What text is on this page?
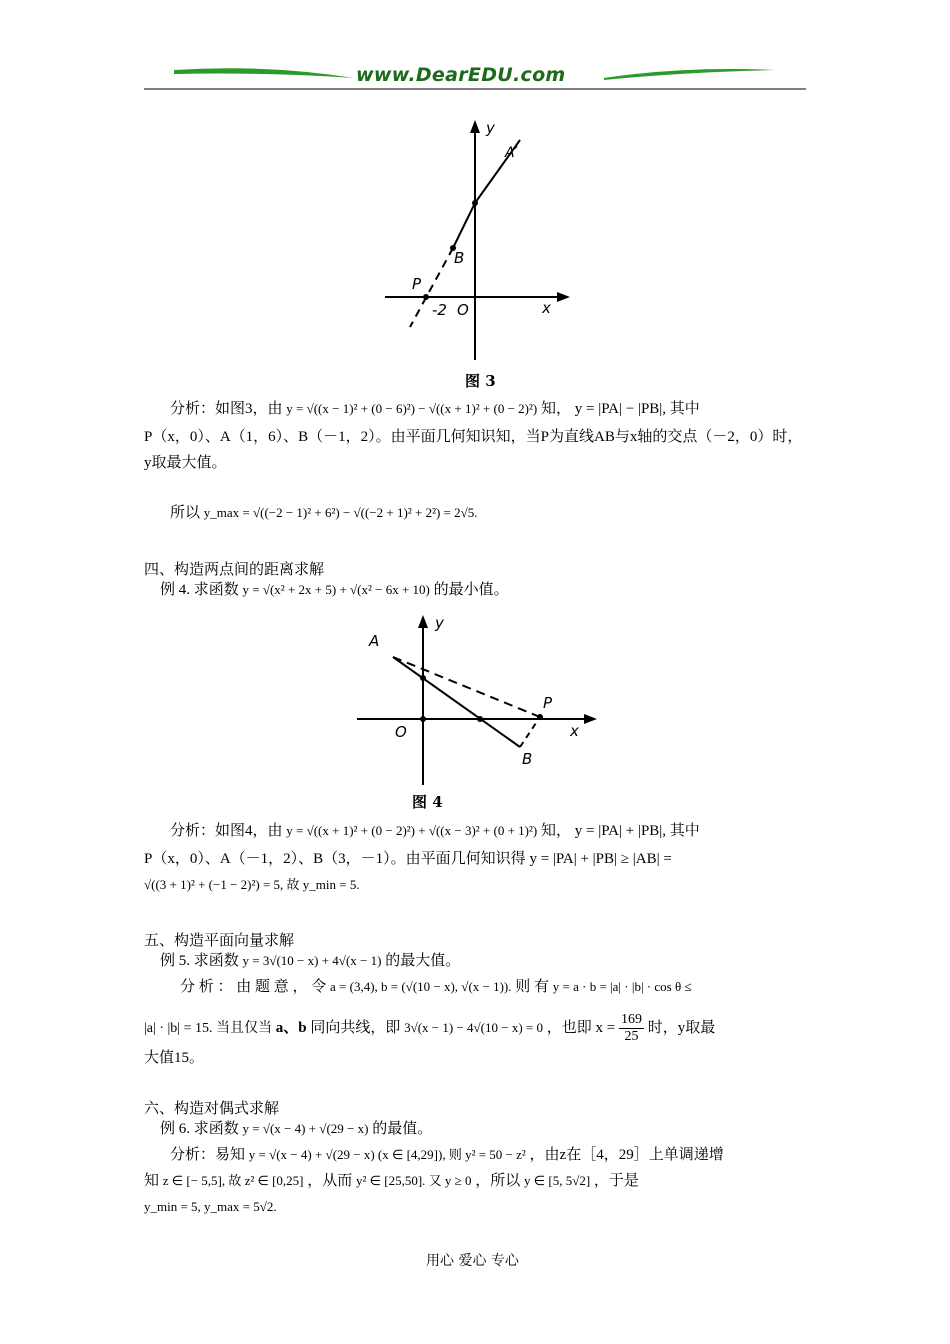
www.DearEDU.com
y
A′
B
P
-2 O	x
图 3
分析：如图3，由 y = √((x − 1)² + (0 − 6)²) − √((x + 1)² + (0 − 2)²) 知， y = |PA| − |PB|, 其中
P（x，0）、A（1，6）、B（－1，2）。由平面几何知识知，当P为直线AB与x轴的交点（－2，0）时，
y取最大值。
所以 y_max = √((−2 − 1)² + 6²) − √((−2 + 1)² + 2²) = 2√5.
四、构造两点间的距离求解
例 4. 求函数 y = √(x² + 2x + 5) + √(x² − 6x + 10) 的最小值。
y
A
P
O	x
B
图 4
分析：如图4，由 y = √((x + 1)² + (0 − 2)²) + √((x − 3)² + (0 + 1)²) 知， y = |PA| + |PB|, 其中
P（x，0）、A（－1，2）、B（3，－1）。由平面几何知识得 y = |PA| + |PB| ≥ |AB| =
√((3 + 1)² + (−1 − 2)²) = 5, 故 y_min = 5.
五、构造平面向量求解
例 5. 求函数 y = 3√(10 − x) + 4√(x − 1) 的最大值。
分 析 ： 由 题 意 ， 令 a = (3,4), b = (√(10 − x), √(x − 1)). 则 有 y = a · b = |a| · |b| · cos θ ≤
|a| · |b| = 15. 当且仅当 a、b 同向共线，即 3√(x − 1) − 4√(10 − x) = 0 ，也即 $x = \frac{169}{25}$ 时，y取最
大值15。
六、构造对偶式求解
例 6. 求函数 y = √(x − 4) + √(29 − x) 的最值。
分析：易知 y = √(x − 4) + √(29 − x) (x ∈ [4,29]), 则 y² = 50 − z² ，由z在［4，29］上单调递增
知 z ∈ [− 5,5], 故 z² ∈ [0,25] ，从而 y² ∈ [25,50]. 又 y ≥ 0 ，所以 y ∈ [5, 5√2] ，于是
y_min = 5, y_max = 5√2.
用心 爱心 专心
